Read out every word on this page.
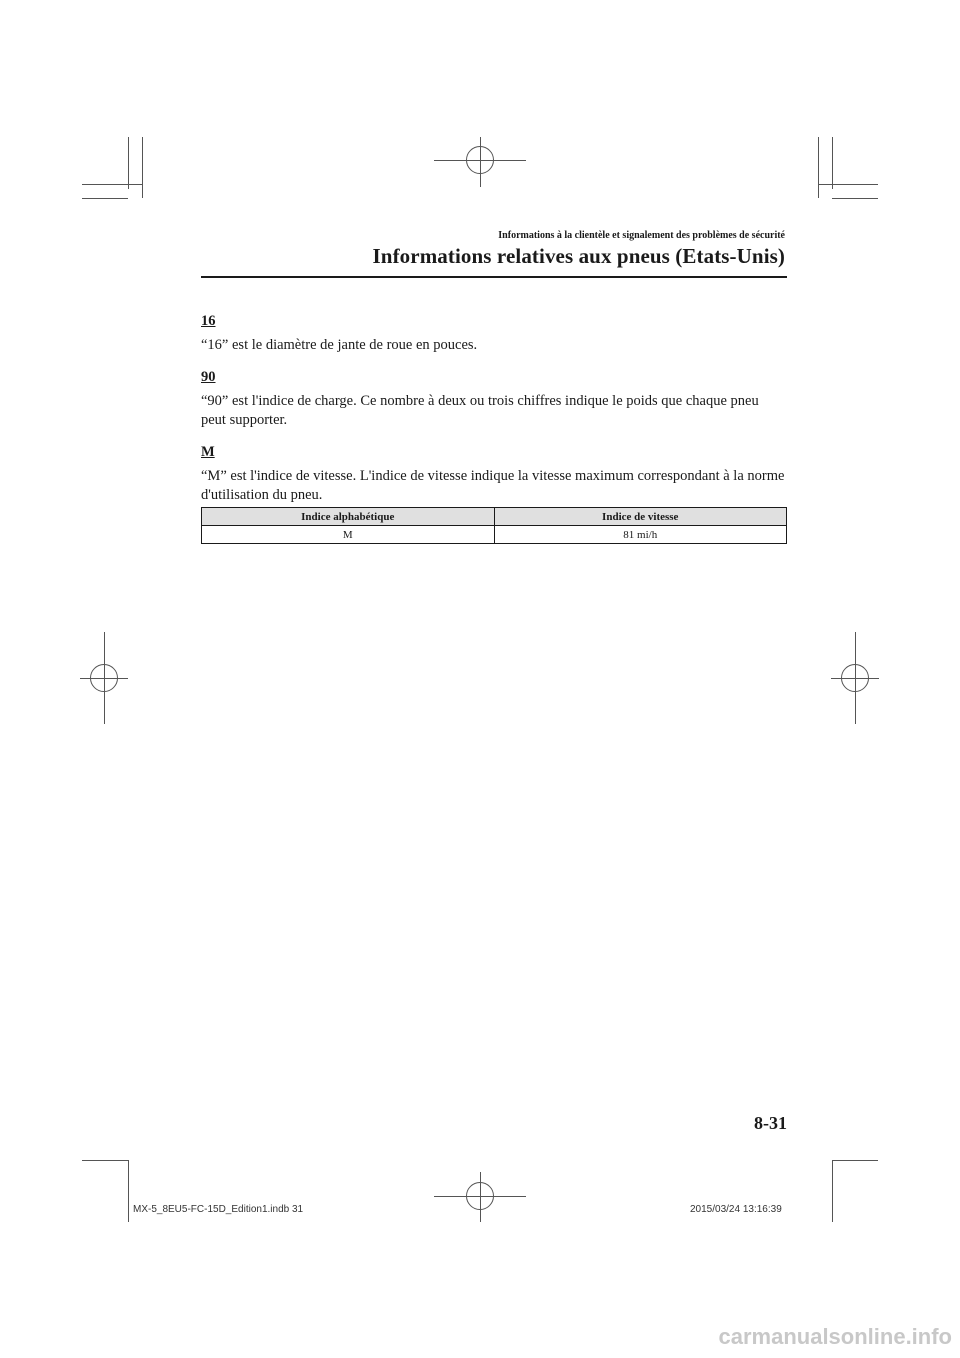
Informations à la clientèle et signalement des problèmes de sécurité
Informations relatives aux pneus (Etats-Unis)

16

“16” est le diamètre de jante de roue en pouces.

90

“90” est l'indice de charge. Ce nombre à deux ou trois chiffres indique le poids que chaque pneu peut supporter.

M

“M” est l'indice de vitesse. L'indice de vitesse indique la vitesse maximum correspondant à la norme d'utilisation du pneu.

Indice alphabétique	Indice de vitesse
M	81 mi/h
8-31
MX-5_8EU5-FC-15D_Edition1.indb 31	2015/03/24 13:16:39
carmanualsonline.info
